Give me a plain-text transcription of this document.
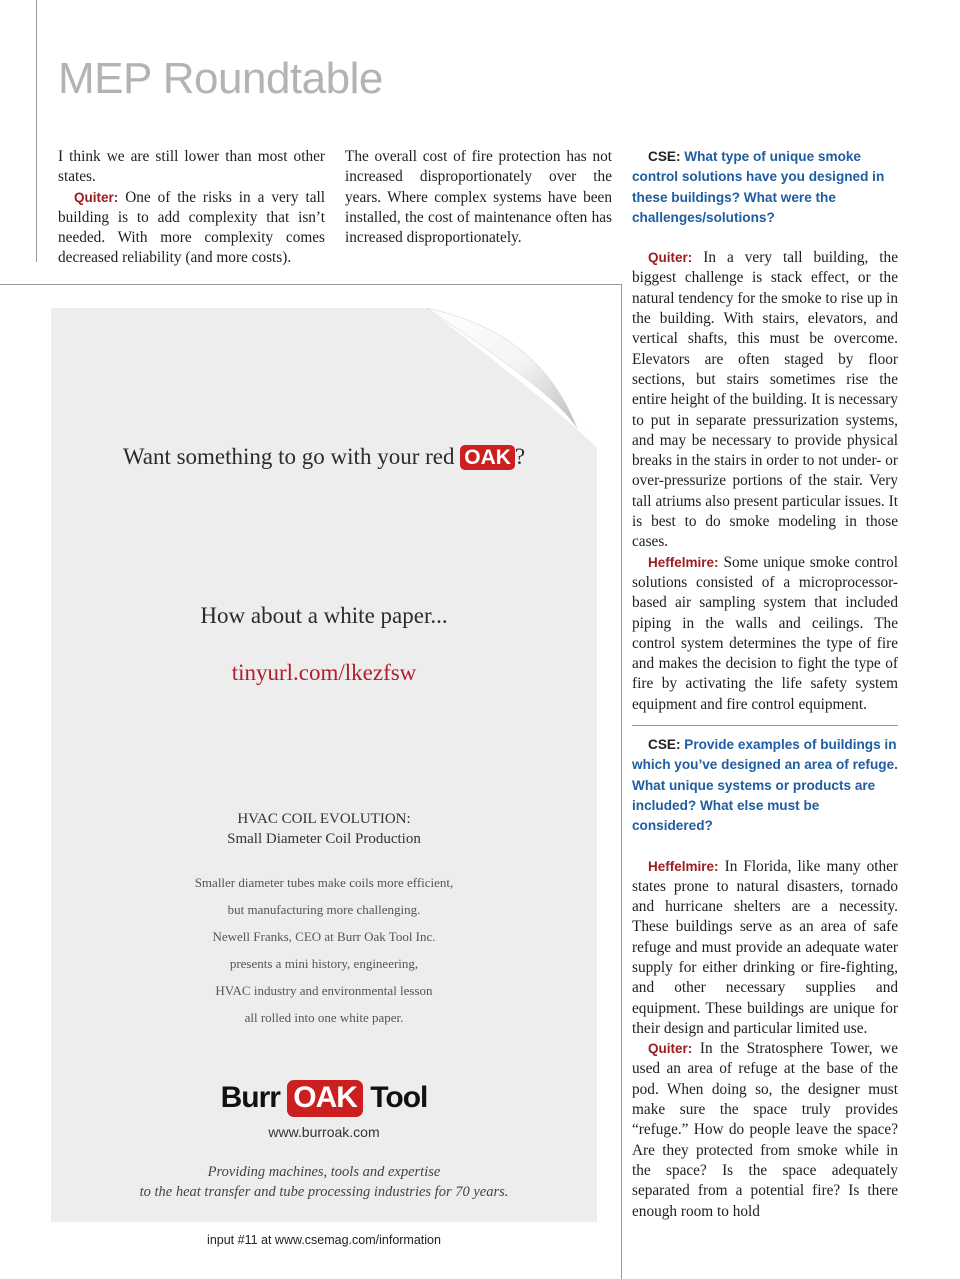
MEP Roundtable

I think we are still lower than most other states.

Quiter: One of the risks in a very tall building is to add complexity that isn’t needed. With more complexity comes decreased reliability (and more costs).

The overall cost of fire protection has not increased disproportionately over the years. Where complex systems have been installed, the cost of maintenance often has increased disproportionately.

CSE: What type of unique smoke control solutions have you designed in these buildings? What were the challenges/solutions?

Quiter: In a very tall building, the biggest challenge is stack effect, or the natural tendency for the smoke to rise up in the building. With stairs, elevators, and vertical shafts, this must be overcome. Elevators are often staged by floor sections, but stairs sometimes rise the entire height of the building. It is necessary to put in separate pressurization systems, and may be necessary to provide physical breaks in the stairs in order to not under- or over-pressurize portions of the stair. Very tall atriums also present particular issues. It is best to do smoke modeling in those cases.

Heffelmire: Some unique smoke control solutions consisted of a microprocessor-based air sampling system that included piping in the walls and ceilings. The control system determines the type of fire and makes the decision to fight the type of fire by activating the life safety system equipment and fire control equipment.

CSE: Provide examples of buildings in which you’ve designed an area of refuge. What unique systems or products are included? What else must be considered?

Heffelmire: In Florida, like many other states prone to natural disasters, tornado and hurricane shelters are a necessity. These buildings serve as an area of safe refuge and must provide an adequate water supply for either drinking or fire-fighting, and other necessary supplies and equipment. These buildings are unique for their design and particular limited use.

Quiter: In the Stratosphere Tower, we used an area of refuge at the base of the pod. When doing so, the designer must make sure the space truly provides “refuge.” How do people leave the space? Are they protected from smoke while in the space? Is the space adequately separated from a potential fire? Is there enough room to hold

Want something to go with your red OAK ?
How about a white paper...
tinyurl.com/lkezfsw
HVAC COIL EVOLUTION:
Small Diameter Coil Production
Smaller diameter tubes make coils more efficient,
but manufacturing more challenging.
Newell Franks, CEO at Burr Oak Tool Inc.
presents a mini history, engineering,
HVAC industry and environmental lesson
all rolled into one white paper.
Burr OAK Tool
www.burroak.com
Providing machines, tools and expertise
to the heat transfer and tube processing industries for 70 years.
input #11 at www.csemag.com/information
